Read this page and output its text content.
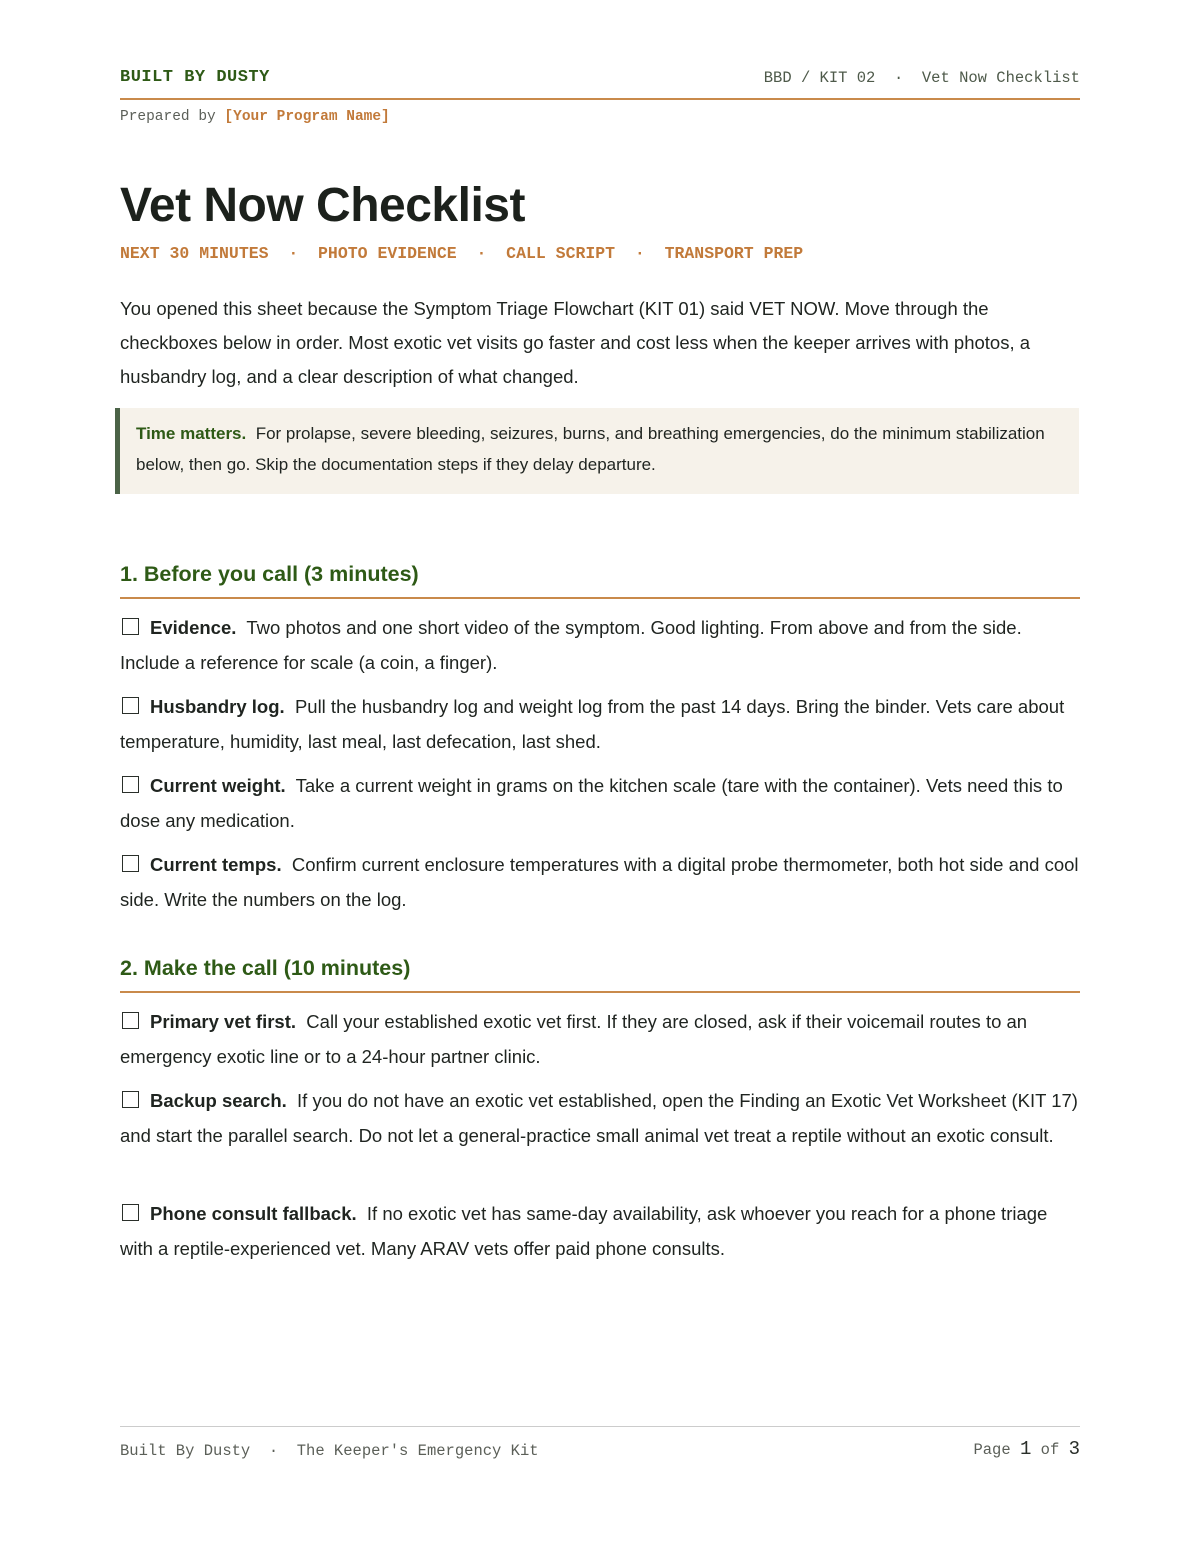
BUILT BY DUSTY	BBD / KIT 02  ·  Vet Now Checklist
Prepared by [Your Program Name]
Vet Now Checklist
NEXT 30 MINUTES  ·  PHOTO EVIDENCE  ·  CALL SCRIPT  ·  TRANSPORT PREP

You opened this sheet because the Symptom Triage Flowchart (KIT 01) said VET NOW. Move through the checkboxes below in order. Most exotic vet visits go faster and cost less when the keeper arrives with photos, a husbandry log, and a clear description of what changed.

Time matters. For prolapse, severe bleeding, seizures, burns, and breathing emergencies, do the minimum stabilization below, then go. Skip the documentation steps if they delay departure.
1. Before you call (3 minutes)

Evidence. Two photos and one short video of the symptom. Good lighting. From above and from the side. Include a reference for scale (a coin, a finger).

Husbandry log. Pull the husbandry log and weight log from the past 14 days. Bring the binder. Vets care about temperature, humidity, last meal, last defecation, last shed.

Current weight. Take a current weight in grams on the kitchen scale (tare with the container). Vets need this to dose any medication.

Current temps. Confirm current enclosure temperatures with a digital probe thermometer, both hot side and cool side. Write the numbers on the log.

2. Make the call (10 minutes)

Primary vet first. Call your established exotic vet first. If they are closed, ask if their voicemail routes to an emergency exotic line or to a 24-hour partner clinic.

Backup search. If you do not have an exotic vet established, open the Finding an Exotic Vet Worksheet (KIT 17) and start the parallel search. Do not let a general-practice small animal vet treat a reptile without an exotic consult.

Phone consult fallback. If no exotic vet has same-day availability, ask whoever you reach for a phone triage with a reptile-experienced vet. Many ARAV vets offer paid phone consults.

Built By Dusty  ·  The Keeper's Emergency Kit	Page 1 of 3
